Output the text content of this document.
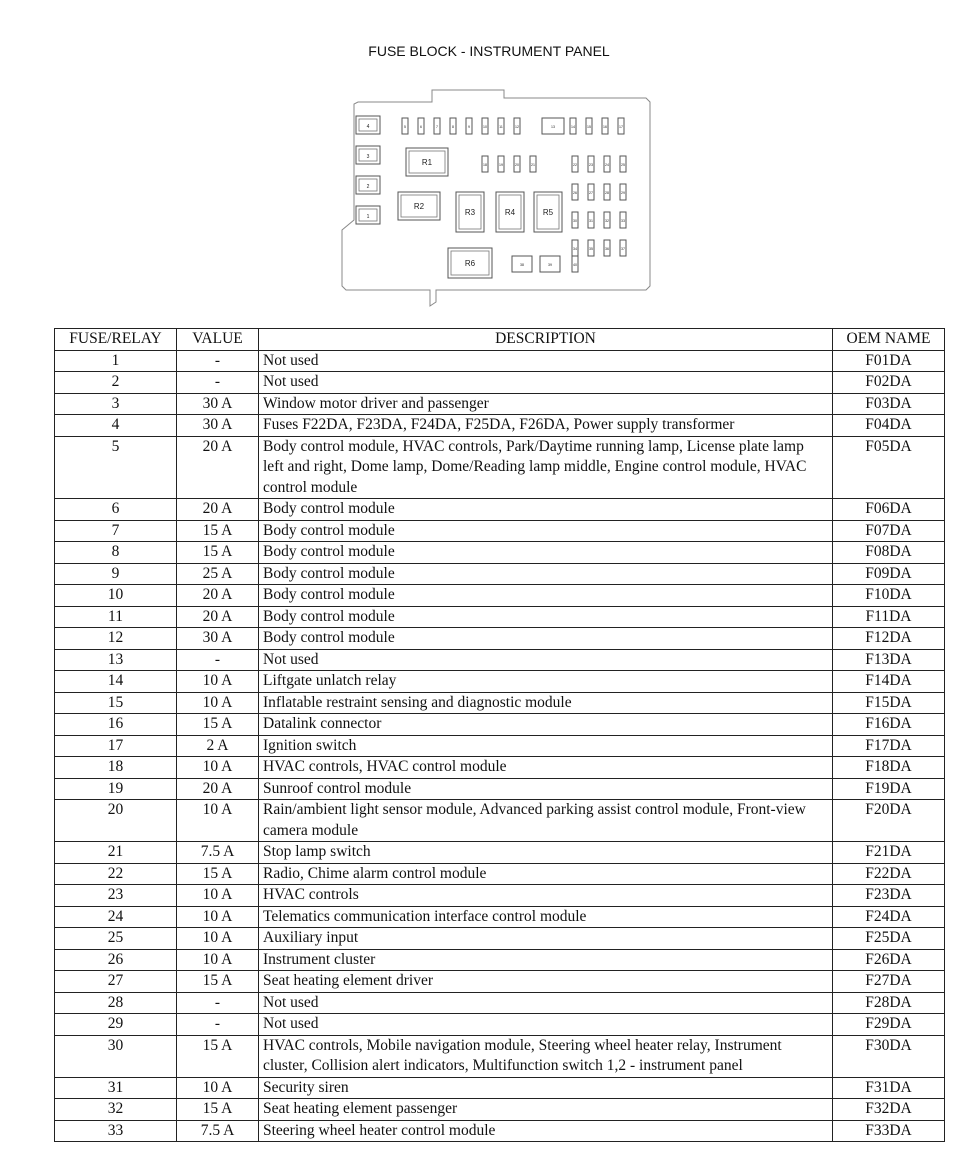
FUSE BLOCK - INSTRUMENT PANEL
R1
R2
R3	R4	R5
R6
4
3
2
1
5	6	7	8	9	10	11	12	13	14	15	16	17
18	19	20	21	22	23	24	25
26	27	28	29
30	31	32	33
34	35	36	37
38	39	40
FUSE/RELAY	VALUE	DESCRIPTION	OEM NAME
1	-	Not used	F01DA
2	-	Not used	F02DA
3	30 A	Window motor driver and passenger	F03DA
4	30 A	Fuses F22DA, F23DA, F24DA, F25DA, F26DA, Power supply transformer	F04DA
5	20 A	Body control module, HVAC controls, Park/Daytime running lamp, License plate lamp left and right, Dome lamp, Dome/Reading lamp middle, Engine control module, HVAC control module	F05DA
6	20 A	Body control module	F06DA
7	15 A	Body control module	F07DA
8	15 A	Body control module	F08DA
9	25 A	Body control module	F09DA
10	20 A	Body control module	F10DA
11	20 A	Body control module	F11DA
12	30 A	Body control module	F12DA
13	-	Not used	F13DA
14	10 A	Liftgate unlatch relay	F14DA
15	10 A	Inflatable restraint sensing and diagnostic module	F15DA
16	15 A	Datalink connector	F16DA
17	2 A	Ignition switch	F17DA
18	10 A	HVAC controls, HVAC control module	F18DA
19	20 A	Sunroof control module	F19DA
20	10 A	Rain/ambient light sensor module, Advanced parking assist control module, Front-view camera module	F20DA
21	7.5 A	Stop lamp switch	F21DA
22	15 A	Radio, Chime alarm control module	F22DA
23	10 A	HVAC controls	F23DA
24	10 A	Telematics communication interface control module	F24DA
25	10 A	Auxiliary input	F25DA
26	10 A	Instrument cluster	F26DA
27	15 A	Seat heating element driver	F27DA
28	-	Not used	F28DA
29	-	Not used	F29DA
30	15 A	HVAC controls, Mobile navigation module, Steering wheel heater relay, Instrument cluster, Collision alert indicators, Multifunction switch 1,2 - instrument panel	F30DA
31	10 A	Security siren	F31DA
32	15 A	Seat heating element passenger	F32DA
33	7.5 A	Steering wheel heater control module	F33DA
